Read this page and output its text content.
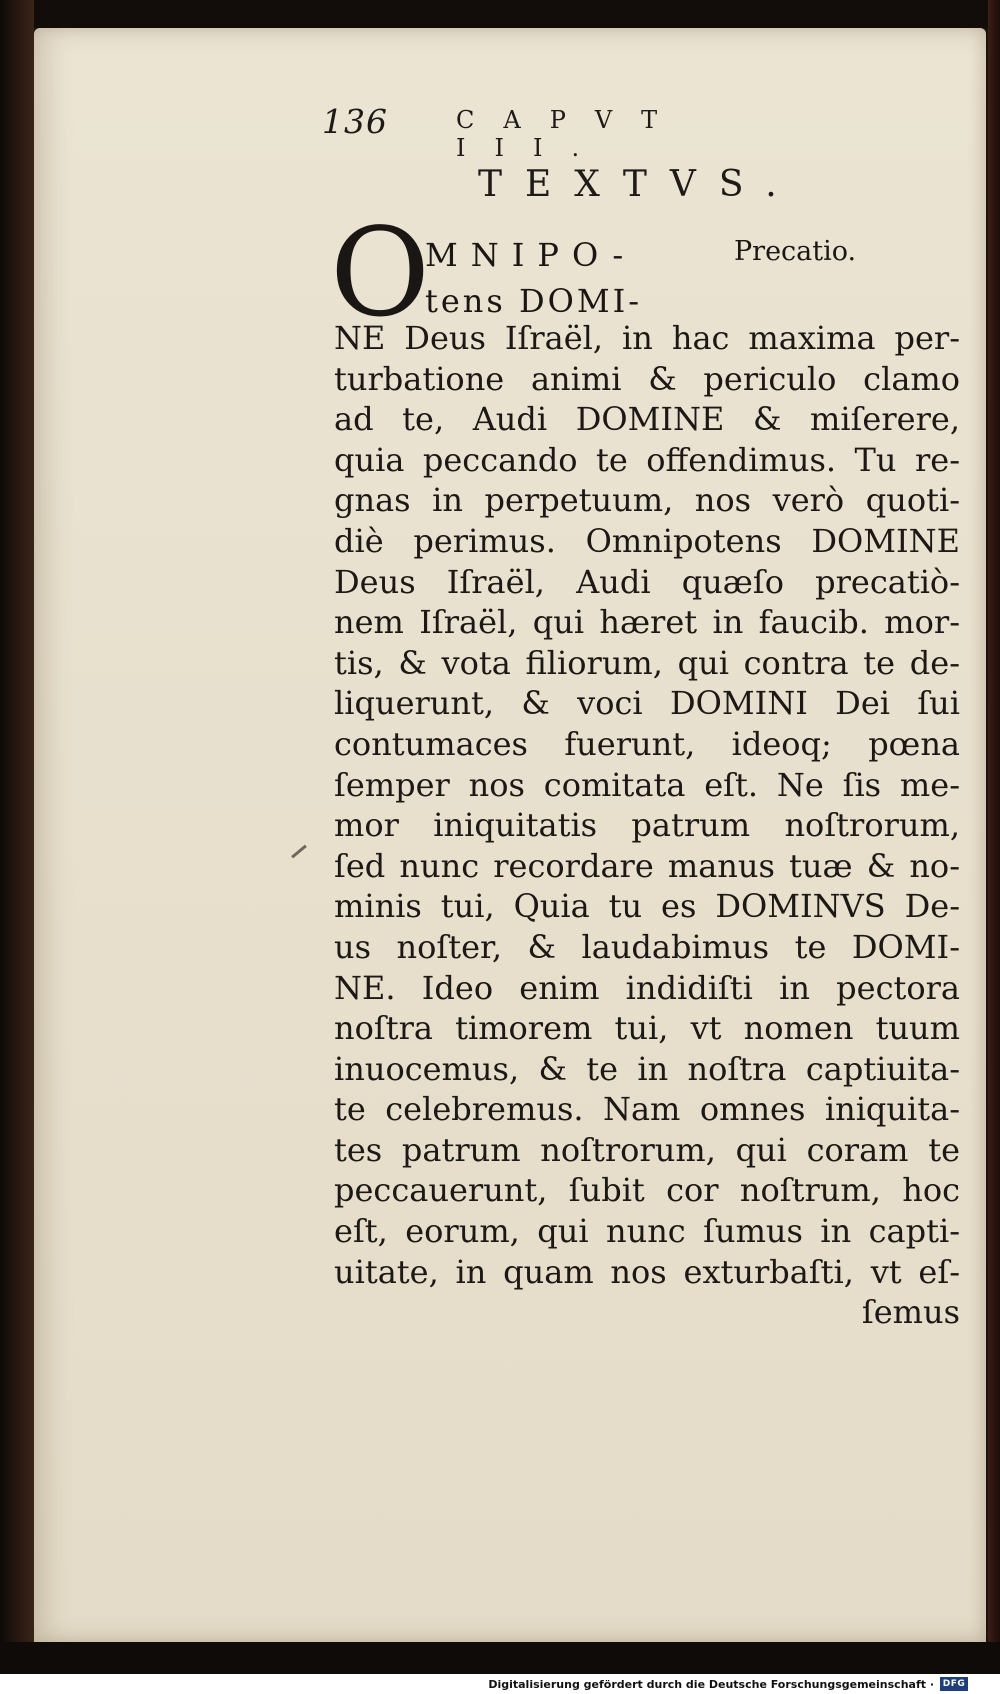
136	CAPVT III.
TEXTVS.
O
MNIPO-
tens DOMI-
Precatio.
NE Deus Iſraël, in hac maxima per-
turbatione animi & periculo clamo
ad te, Audi DOMINE & miſerere,
quia peccando te offendimus. Tu re-
gnas in perpetuum, nos verò quoti-
diè perimus. Omnipotens DOMINE
Deus Iſraël, Audi quæſo precatiò-
nem Iſraël, qui hæret in faucib. mor-
tis, & vota filiorum, qui contra te de-
liquerunt, & voci DOMINI Dei ſui
contumaces fuerunt, ideoq; pœna
ſemper nos comitata eſt. Ne ſis me-
mor iniquitatis patrum noſtrorum,
ſed nunc recordare manus tuæ & no-
minis tui, Quia tu es DOMINVS De-
us noſter, & laudabimus te DOMI-
NE. Ideo enim indidiſti in pectora
noſtra timorem tui, vt nomen tuum
inuocemus, & te in noſtra captiuita-
te celebremus. Nam omnes iniquita-
tes patrum noſtrorum, qui coram te
peccauerunt, ſubit cor noſtrum, hoc
eſt, eorum, qui nunc ſumus in capti-
uitate, in quam nos exturbaſti, vt eſ-
ſemus
Digitalisierung gefördert durch die Deutsche Forschungsgemeinschaft · DFG
